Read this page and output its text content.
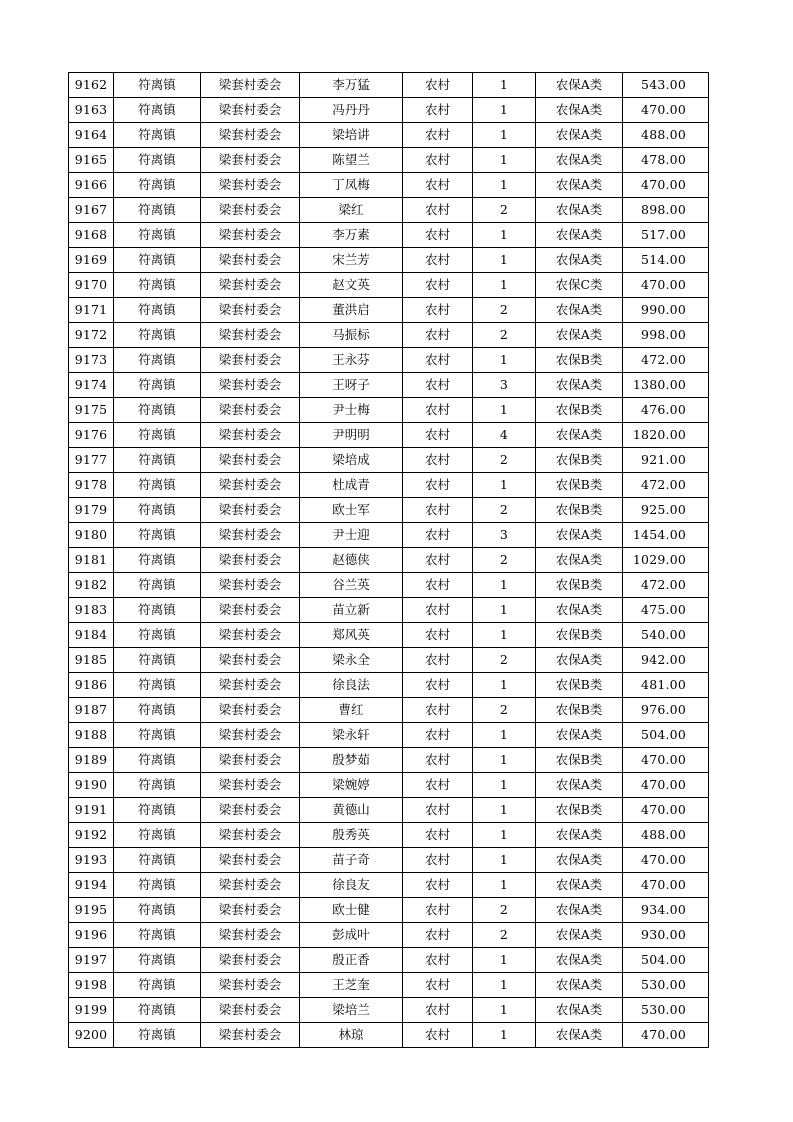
9162	符离镇	梁套村委会	李万猛	农村	1	农保A类	543.00
9163	符离镇	梁套村委会	冯丹丹	农村	1	农保A类	470.00
9164	符离镇	梁套村委会	梁培讲	农村	1	农保A类	488.00
9165	符离镇	梁套村委会	陈望兰	农村	1	农保A类	478.00
9166	符离镇	梁套村委会	丁凤梅	农村	1	农保A类	470.00
9167	符离镇	梁套村委会	梁红	农村	2	农保A类	898.00
9168	符离镇	梁套村委会	李万素	农村	1	农保A类	517.00
9169	符离镇	梁套村委会	宋兰芳	农村	1	农保A类	514.00
9170	符离镇	梁套村委会	赵文英	农村	1	农保C类	470.00
9171	符离镇	梁套村委会	董洪启	农村	2	农保A类	990.00
9172	符离镇	梁套村委会	马振标	农村	2	农保A类	998.00
9173	符离镇	梁套村委会	王永芬	农村	1	农保B类	472.00
9174	符离镇	梁套村委会	王呀子	农村	3	农保A类	1380.00
9175	符离镇	梁套村委会	尹士梅	农村	1	农保B类	476.00
9176	符离镇	梁套村委会	尹明明	农村	4	农保A类	1820.00
9177	符离镇	梁套村委会	梁培成	农村	2	农保B类	921.00
9178	符离镇	梁套村委会	杜成青	农村	1	农保B类	472.00
9179	符离镇	梁套村委会	欧士军	农村	2	农保B类	925.00
9180	符离镇	梁套村委会	尹士迎	农村	3	农保A类	1454.00
9181	符离镇	梁套村委会	赵德侠	农村	2	农保A类	1029.00
9182	符离镇	梁套村委会	谷兰英	农村	1	农保B类	472.00
9183	符离镇	梁套村委会	苗立新	农村	1	农保A类	475.00
9184	符离镇	梁套村委会	郑风英	农村	1	农保B类	540.00
9185	符离镇	梁套村委会	梁永全	农村	2	农保A类	942.00
9186	符离镇	梁套村委会	徐良法	农村	1	农保B类	481.00
9187	符离镇	梁套村委会	曹红	农村	2	农保B类	976.00
9188	符离镇	梁套村委会	梁永轩	农村	1	农保A类	504.00
9189	符离镇	梁套村委会	殷梦茹	农村	1	农保B类	470.00
9190	符离镇	梁套村委会	梁婉婷	农村	1	农保A类	470.00
9191	符离镇	梁套村委会	黄德山	农村	1	农保B类	470.00
9192	符离镇	梁套村委会	殷秀英	农村	1	农保A类	488.00
9193	符离镇	梁套村委会	苗子奇	农村	1	农保A类	470.00
9194	符离镇	梁套村委会	徐良友	农村	1	农保A类	470.00
9195	符离镇	梁套村委会	欧士健	农村	2	农保A类	934.00
9196	符离镇	梁套村委会	彭成叶	农村	2	农保A类	930.00
9197	符离镇	梁套村委会	殷正香	农村	1	农保A类	504.00
9198	符离镇	梁套村委会	王芝奎	农村	1	农保A类	530.00
9199	符离镇	梁套村委会	梁培兰	农村	1	农保A类	530.00
9200	符离镇	梁套村委会	林琼	农村	1	农保A类	470.00
